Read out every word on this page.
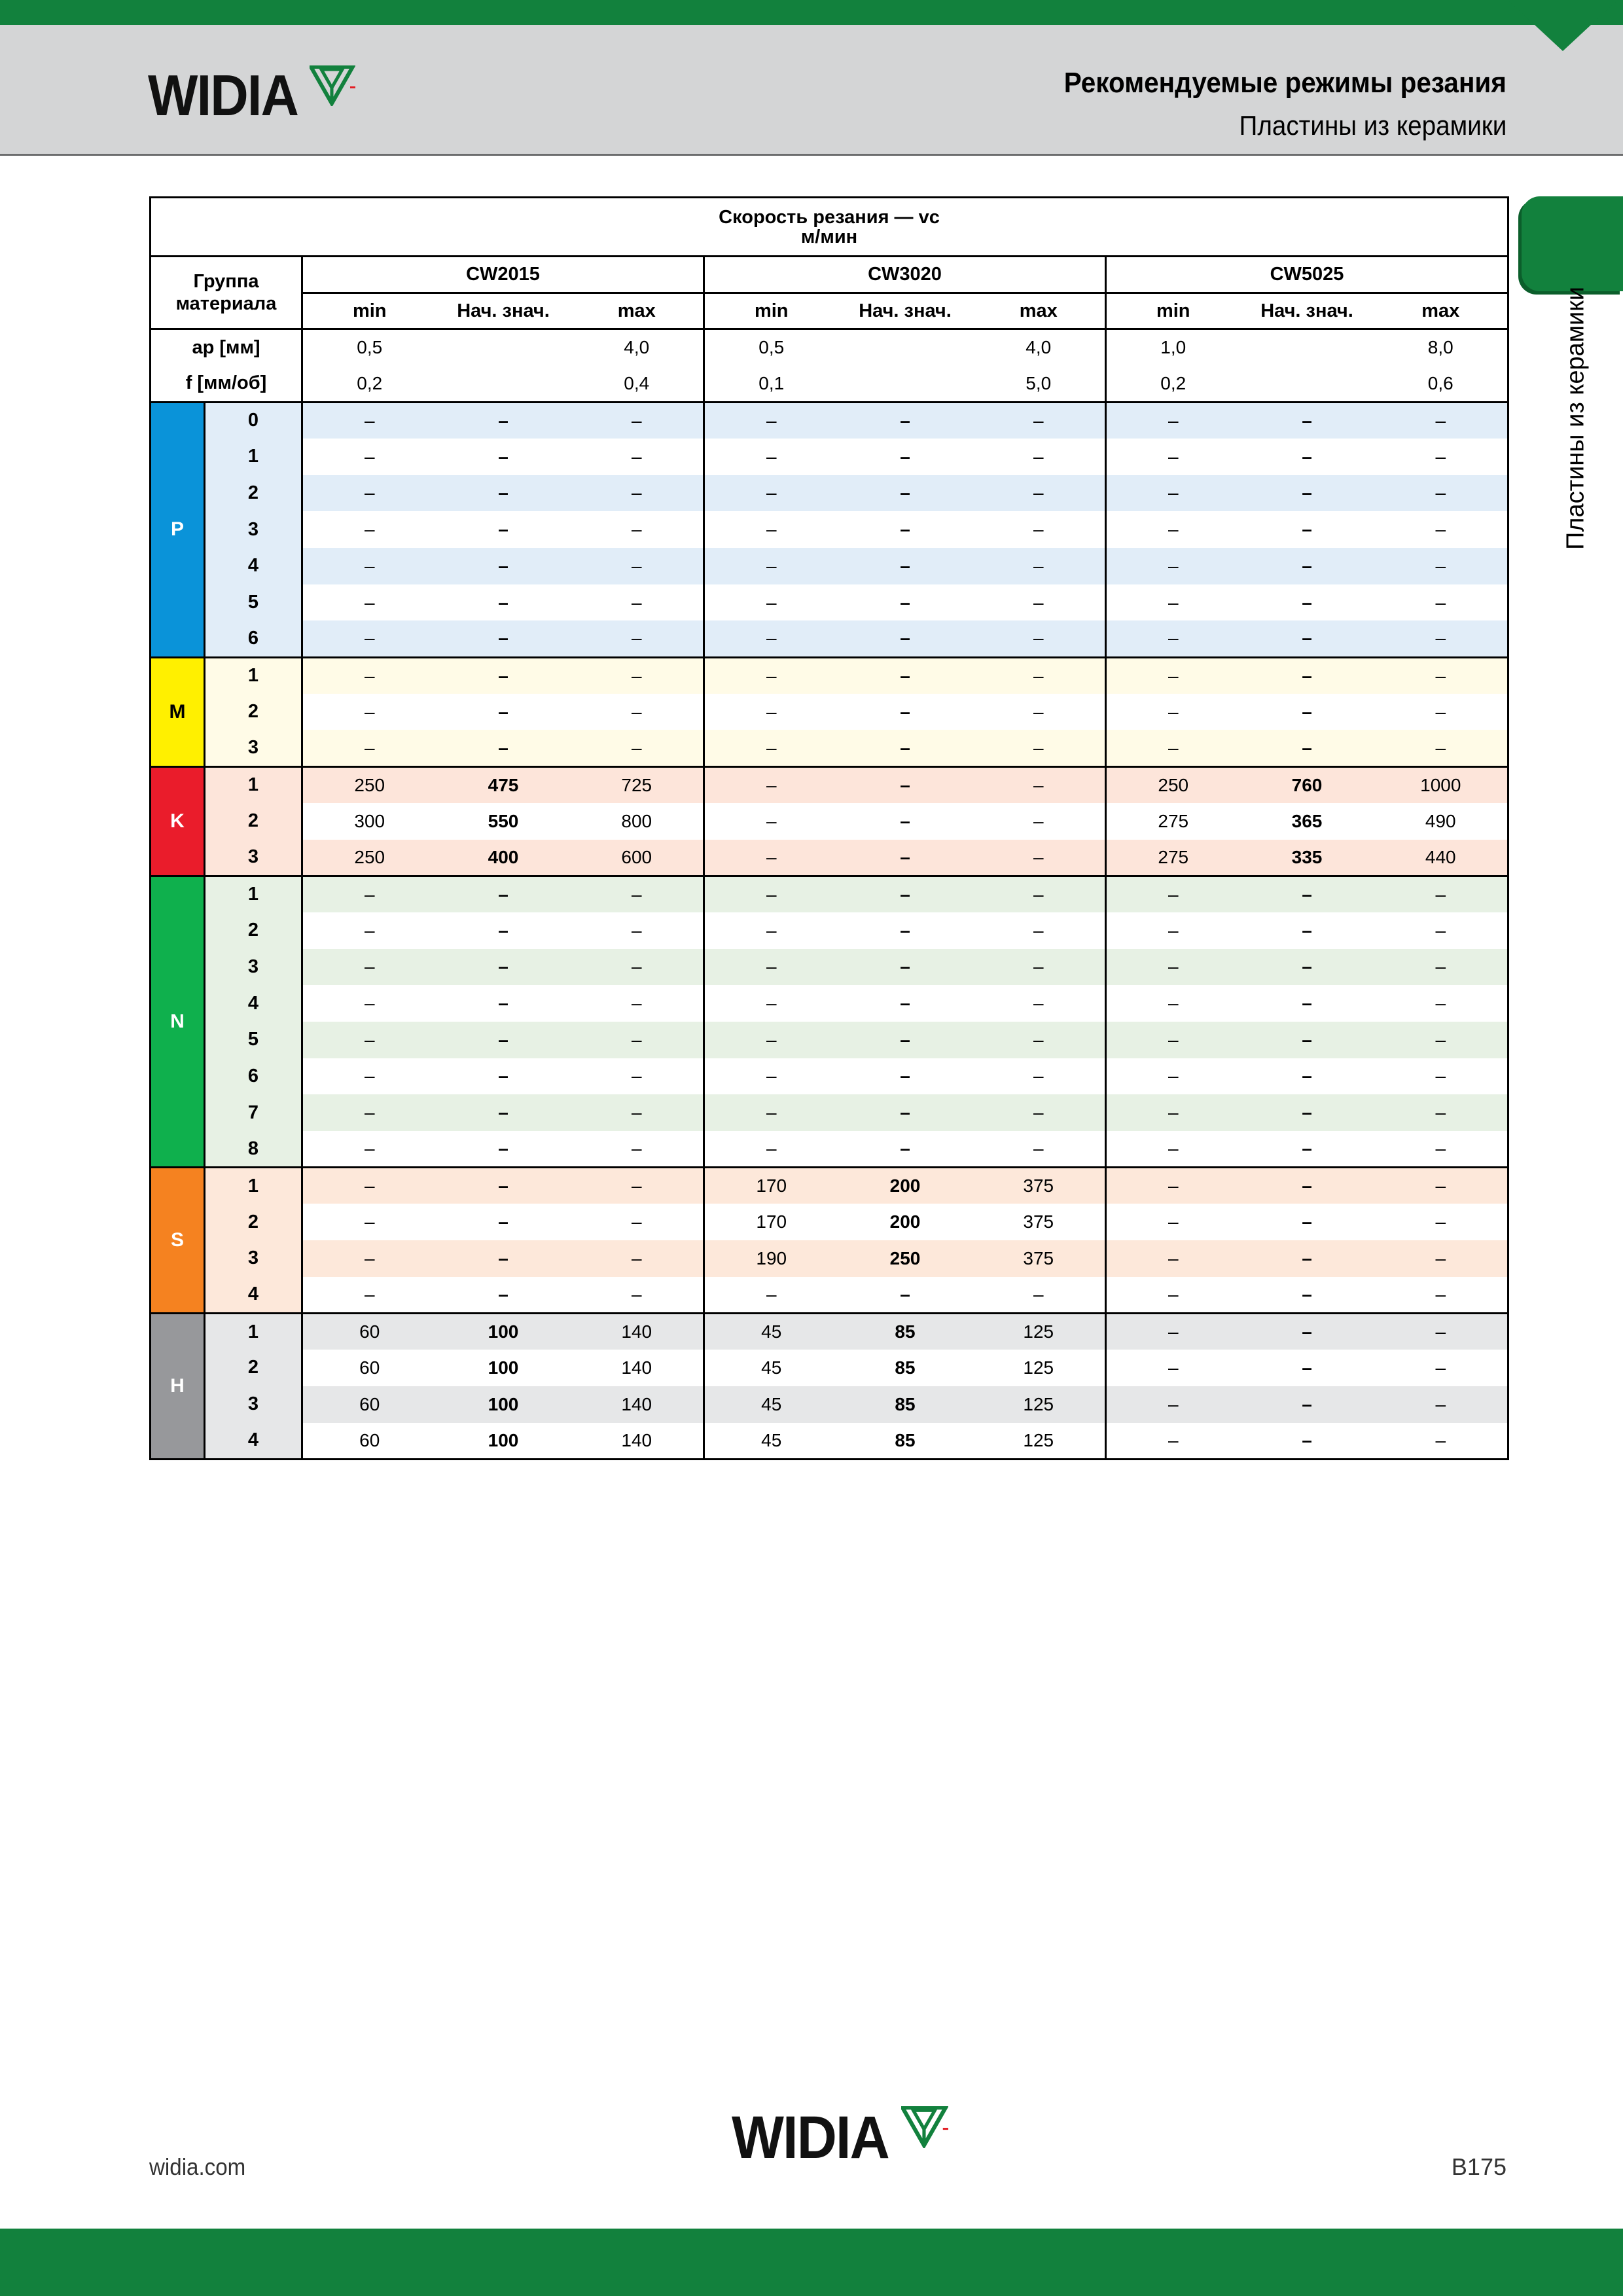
WIDIA	Рекомендуемые режимы резания
Пластины из керамики
Пластины из керамики
Скорость резания — vc
м/мин										

Группа
материала		CW2015			CW3020			CW5025		
		min	Нач. знач.	max	min	Нач. знач.	max	min	Нач. знач.	max
ap [мм]		0,5		4,0	0,5		4,0	1,0		8,0
f [мм/об]		0,2		0,4	0,1		5,0	0,2		0,6
P	0	–	–	–	–	–	–	–	–	–
	1	–	–	–	–	–	–	–	–	–
	2	–	–	–	–	–	–	–	–	–
	3	–	–	–	–	–	–	–	–	–
	4	–	–	–	–	–	–	–	–	–
	5	–	–	–	–	–	–	–	–	–
	6	–	–	–	–	–	–	–	–	–
M	1	–	–	–	–	–	–	–	–	–
	2	–	–	–	–	–	–	–	–	–
	3	–	–	–	–	–	–	–	–	–
K	1	250	475	725	–	–	–	250	760	1000
	2	300	550	800	–	–	–	275	365	490
	3	250	400	600	–	–	–	275	335	440
N	1	–	–	–	–	–	–	–	–	–
	2	–	–	–	–	–	–	–	–	–
	3	–	–	–	–	–	–	–	–	–
	4	–	–	–	–	–	–	–	–	–
	5	–	–	–	–	–	–	–	–	–
	6	–	–	–	–	–	–	–	–	–
	7	–	–	–	–	–	–	–	–	–
	8	–	–	–	–	–	–	–	–	–
S	1	–	–	–	170	200	375	–	–	–
	2	–	–	–	170	200	375	–	–	–
	3	–	–	–	190	250	375	–	–	–
	4	–	–	–	–	–	–	–	–	–
H	1	60	100	140	45	85	125	–	–	–
	2	60	100	140	45	85	125	–	–	–
	3	60	100	140	45	85	125	–	–	–
	4	60	100	140	45	85	125	–	–	–
widia.com	WIDIA	B175
